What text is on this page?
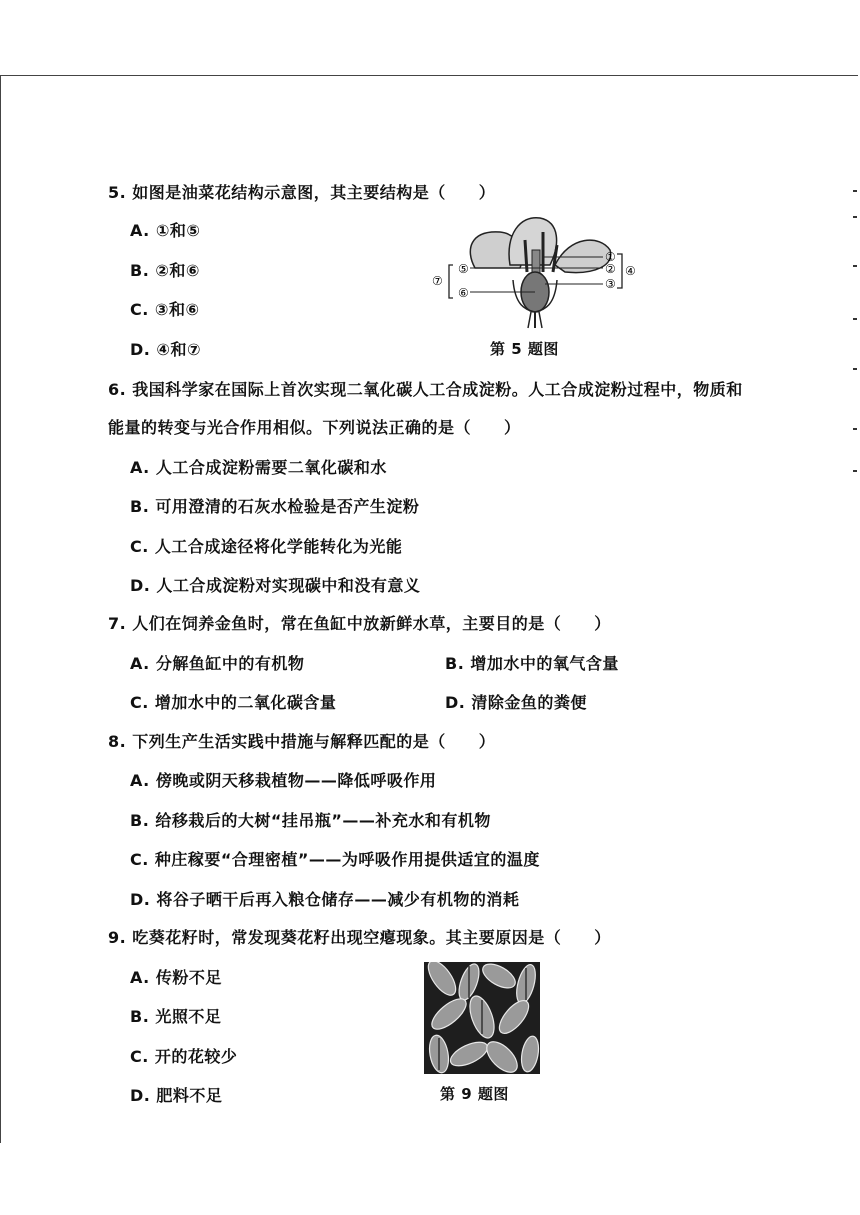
5. 如图是油菜花结构示意图，其主要结构是（　　）
A. ①和⑤
B. ②和⑥
C. ③和⑥
D. ④和⑦
⑤
⑥
⑦
①
②
③
④
第 5 题图
6. 我国科学家在国际上首次实现二氧化碳人工合成淀粉。人工合成淀粉过程中，物质和
能量的转变与光合作用相似。下列说法正确的是（　　）
A. 人工合成淀粉需要二氧化碳和水
B. 可用澄清的石灰水检验是否产生淀粉
C. 人工合成途径将化学能转化为光能
D. 人工合成淀粉对实现碳中和没有意义
7. 人们在饲养金鱼时，常在鱼缸中放新鲜水草，主要目的是（　　）
A. 分解鱼缸中的有机物	B. 增加水中的氧气含量
C. 增加水中的二氧化碳含量	D. 清除金鱼的粪便
8. 下列生产生活实践中措施与解释匹配的是（　　）
A. 傍晚或阴天移栽植物——降低呼吸作用
B. 给移栽后的大树“挂吊瓶”——补充水和有机物
C. 种庄稼要“合理密植”——为呼吸作用提供适宜的温度
D. 将谷子晒干后再入粮仓储存——减少有机物的消耗
9. 吃葵花籽时，常发现葵花籽出现空瘪现象。其主要原因是（　　）
A. 传粉不足
B. 光照不足
C. 开的花较少
D. 肥料不足	第 9 题图
